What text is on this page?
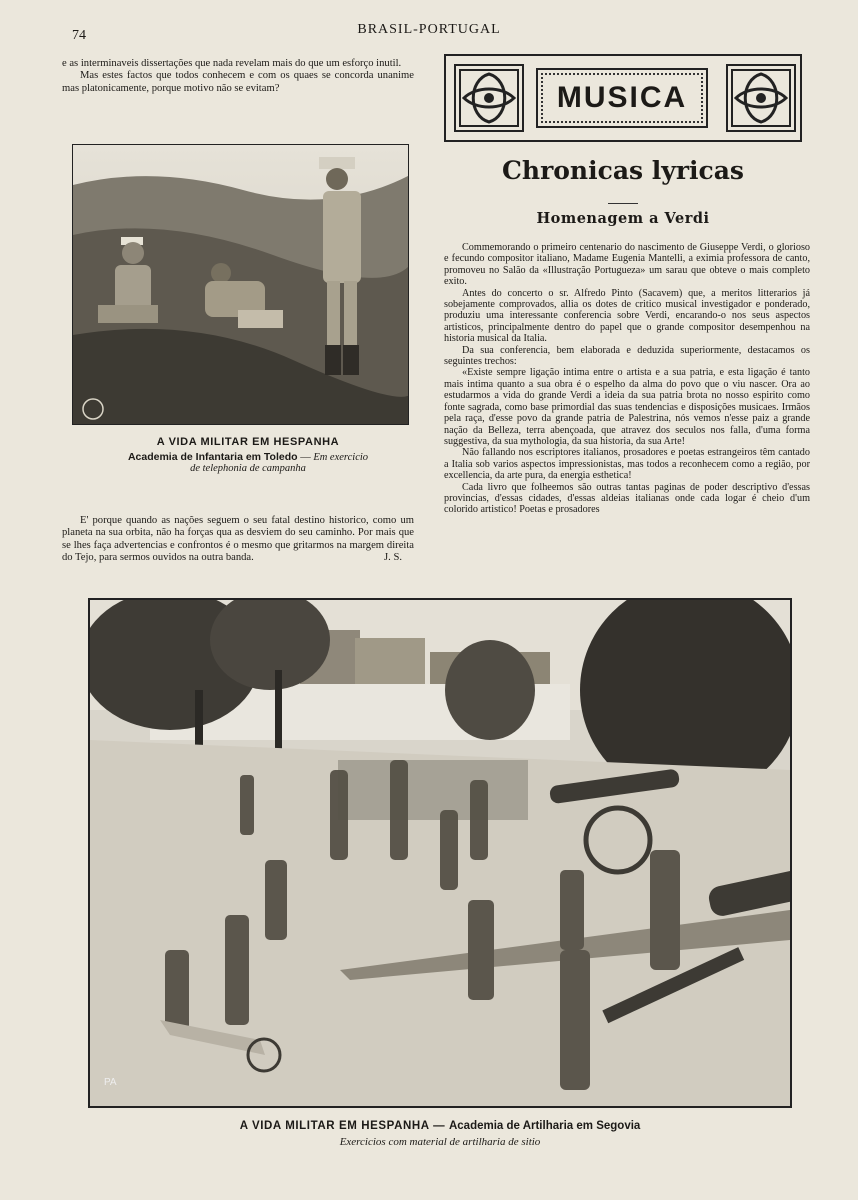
74	BRASIL-PORTUGAL

e as interminaveis dissertações que nada revelam mais do que um esforço inutil.

Mas estes factos que todos conhecem e com os quaes se concorda unanime mas platonicamente, porque motivo não se evitam?

A VIDA MILITAR EM HESPANHA
Academia de Infantaria em Toledo — Em exercicio
de telephonia de campanha

E' porque quando as nações seguem o seu fatal destino historico, como um planeta na sua orbita, não ha forças qua as desviem do seu caminho. Por mais que se lhes faça advertencias e confrontos é o mesmo que gritarmos na margem direita do Tejo, para sermos ouvidos na outra banda.	J. S.
MUSICA
Chronicas lyricas
Homenagem a Verdi

Commemorando o primeiro centenario do nascimento de Giuseppe Verdi, o glorioso e fecundo compositor italiano, Madame Eugenia Mantelli, a eximia professora de canto, promoveu no Salão da «Illustração Portugueza» um sarau que obteve o mais completo exito.

Antes do concerto o sr. Alfredo Pinto (Sacavem) que, a meritos litterarios já sobejamente comprovados, allia os dotes de critico musical investigador e ponderado, produziu uma interessante conferencia sobre Verdi, encarando-o nos seus aspectos artisticos, principalmente dentro do papel que o grande compositor desempenhou na historia musical da Italia.

Da sua conferencia, bem elaborada e deduzida superiormente, destacamos os seguintes trechos:

«Existe sempre ligação intima entre o artista e a sua patria, e esta ligação é tanto mais intima quanto a sua obra é o espelho da alma do povo que o viu nascer. Ora ao estudarmos a vida do grande Verdi a ideia da sua patria brota no nosso espirito como fonte sagrada, como base primordial das suas tendencias e disposições musicaes. Irmãos pela raça, d'esse povo da grande patria de Palestrina, nós vemos n'esse paiz a grande nação da Belleza, terra abençoada, que atravez dos seculos nos falla, d'uma forma suggestiva, da sua mythologia, da sua historia, da sua Arte!

Não fallando nos escriptores italianos, prosadores e poetas estrangeiros têm cantado a Italia sob varios aspectos impressionistas, mas todos a reconhecem como a região, por excellencia, da arte pura, da energia esthetica!

Cada livro que folheemos são outras tantas paginas de poder descriptivo d'essas provincias, d'essas cidades, d'essas aldeias italianas onde cada logar é cheio d'um colorido artistico! Poetas e prosadores

PA
A VIDA MILITAR EM HESPANHA — Academia de Artilharia em Segovia
Exercicios com material de artilharia de sitio
